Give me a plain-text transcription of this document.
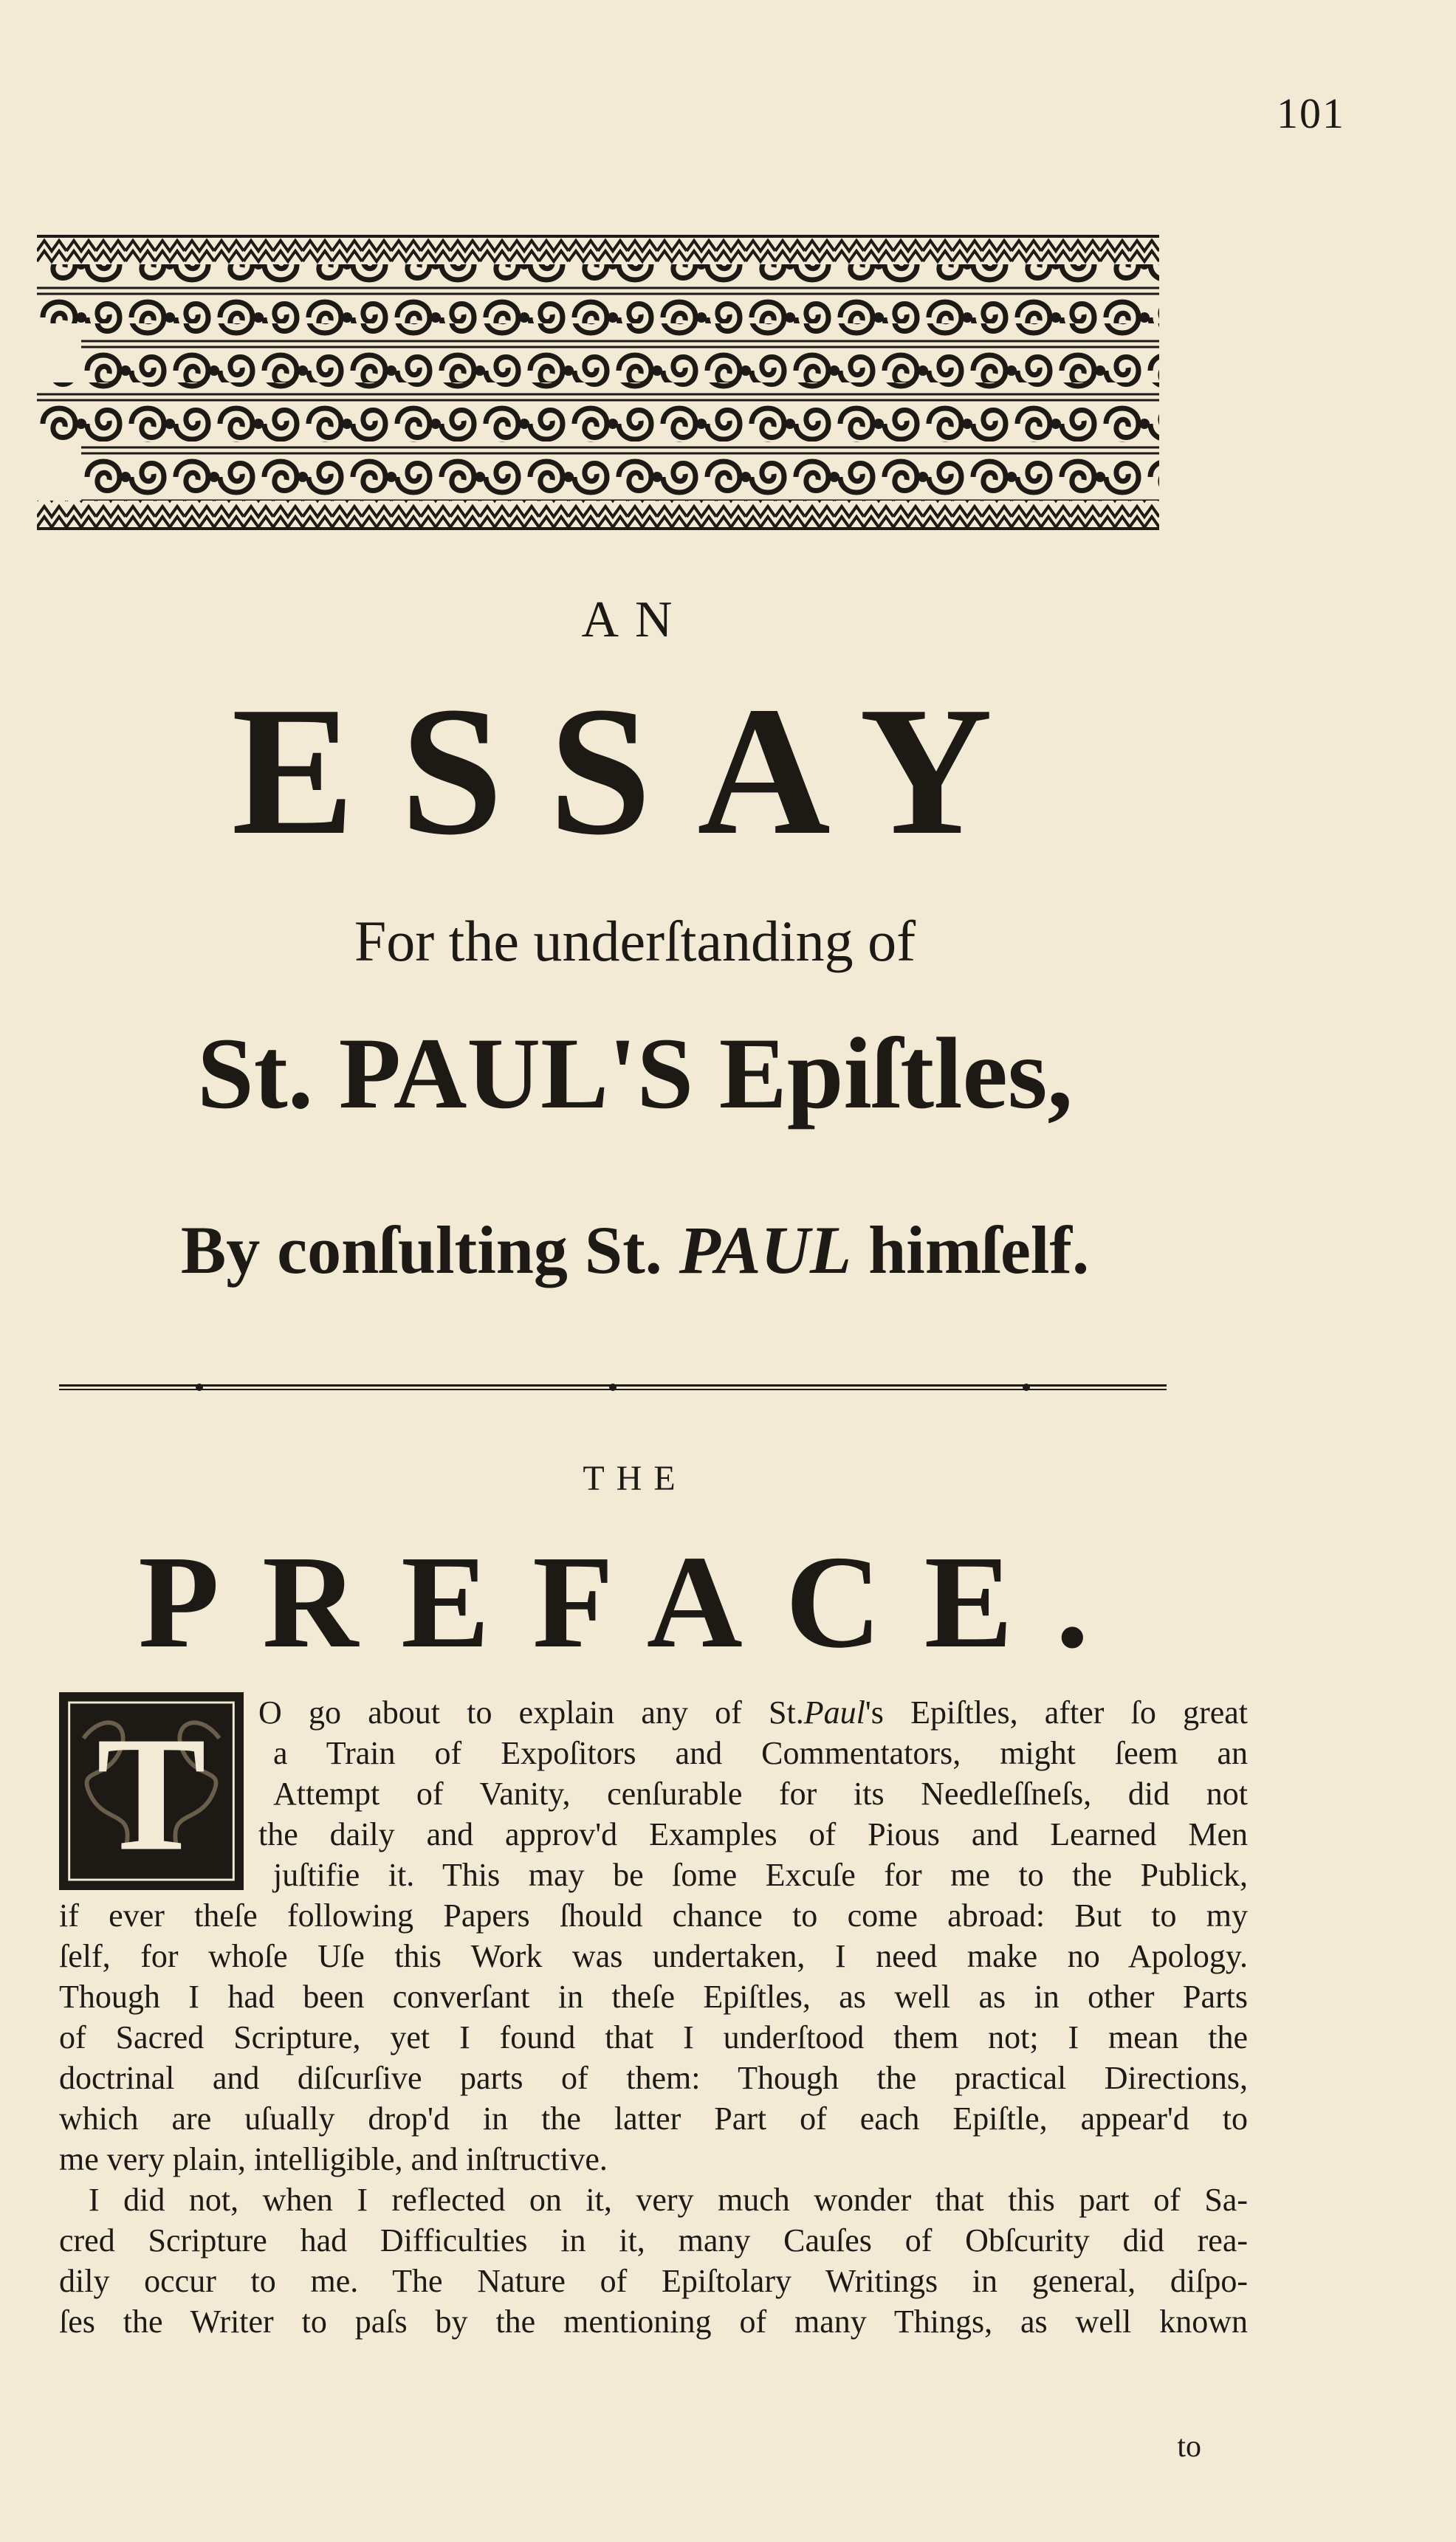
101
AN
ESSAY
For the underſtanding of
St. PAUL'S Epiſtles,
By conſulting St. PAUL himſelf.
THE
PREFACE.
T O go about to explain any of St.Paul's Epiſtles, after ſo great
a Train of Expoſitors and Commentators, might ſeem an
Attempt of Vanity, cenſurable for its Needleſſneſs, did not
the daily and approv'd Examples of Pious and Learned Men
juſtifie it. This may be ſome Excuſe for me to the Publick,
if ever theſe following Papers ſhould chance to come abroad: But to my
ſelf, for whoſe Uſe this Work was undertaken, I need make no Apology.
Though I had been converſant in theſe Epiſtles, as well as in other Parts
of Sacred Scripture, yet I found that I underſtood them not; I mean the
doctrinal and diſcurſive parts of them: Though the practical Directions,
which are uſually drop'd in the latter Part of each Epiſtle, appear'd to
me very plain, intelligible, and inſtructive.
I did not, when I reflected on it, very much wonder that this part of Sa-
cred Scripture had Difficulties in it, many Cauſes of Obſcurity did rea-
dily occur to me. The Nature of Epiſtolary Writings in general, diſpo-
ſes the Writer to paſs by the mentioning of many Things, as well known
to
